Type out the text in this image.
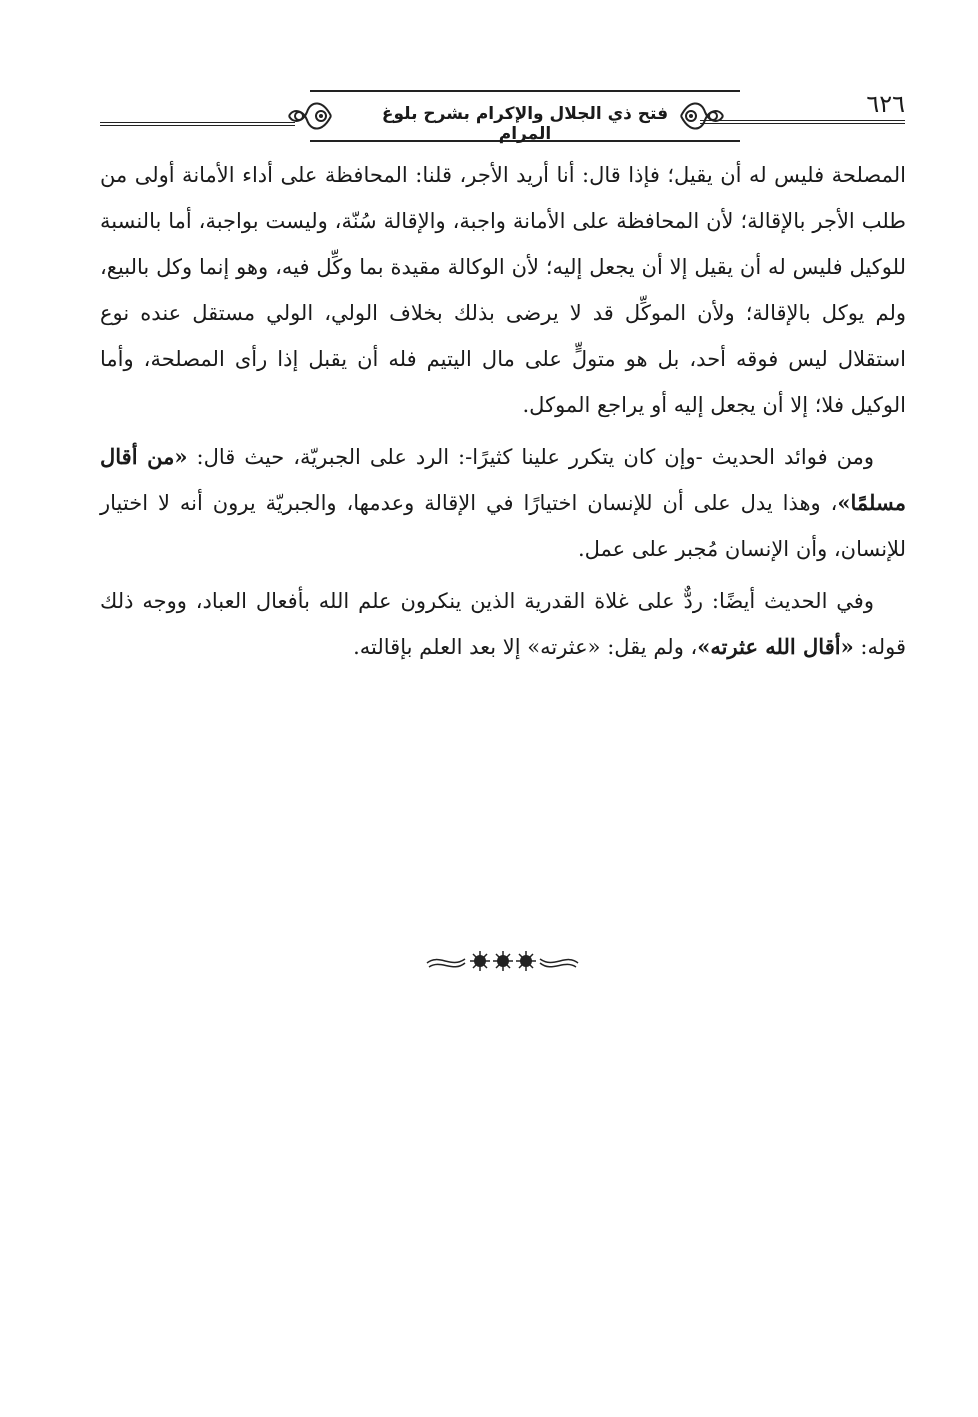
٦٢٦
فتح ذي الجلال والإكرام بشرح بلوغ المرام

المصلحة فليس له أن يقيل؛ فإذا قال: أنا أريد الأجر، قلنا: المحافظة على أداء الأمانة أولى من طلب الأجر بالإقالة؛ لأن المحافظة على الأمانة واجبة، والإقالة سُنّة، وليست بواجبة، أما بالنسبة للوكيل فليس له أن يقيل إلا أن يجعل إليه؛ لأن الوكالة مقيدة بما وكِّل فيه، وهو إنما وكل بالبيع، ولم يوكل بالإقالة؛ ولأن الموكِّل قد لا يرضى بذلك بخلاف الولي، الولي مستقل عنده نوع استقلال ليس فوقه أحد، بل هو متولٍّ على مال اليتيم فله أن يقبل إذا رأى المصلحة، وأما الوكيل فلا؛ إلا أن يجعل إليه أو يراجع الموكل.

ومن فوائد الحديث -وإن كان يتكرر علينا كثيرًا-: الرد على الجبريّة، حيث قال: «من أقال مسلمًا»، وهذا يدل على أن للإنسان اختيارًا في الإقالة وعدمها، والجبريّة يرون أنه لا اختيار للإنسان، وأن الإنسان مُجبر على عمل.

وفي الحديث أيضًا: ردٌّ على غلاة القدرية الذين ينكرون علم الله بأفعال العباد، ووجه ذلك قوله: «أقال الله عثرته»، ولم يقل: «عثرته» إلا بعد العلم بإقالته.
